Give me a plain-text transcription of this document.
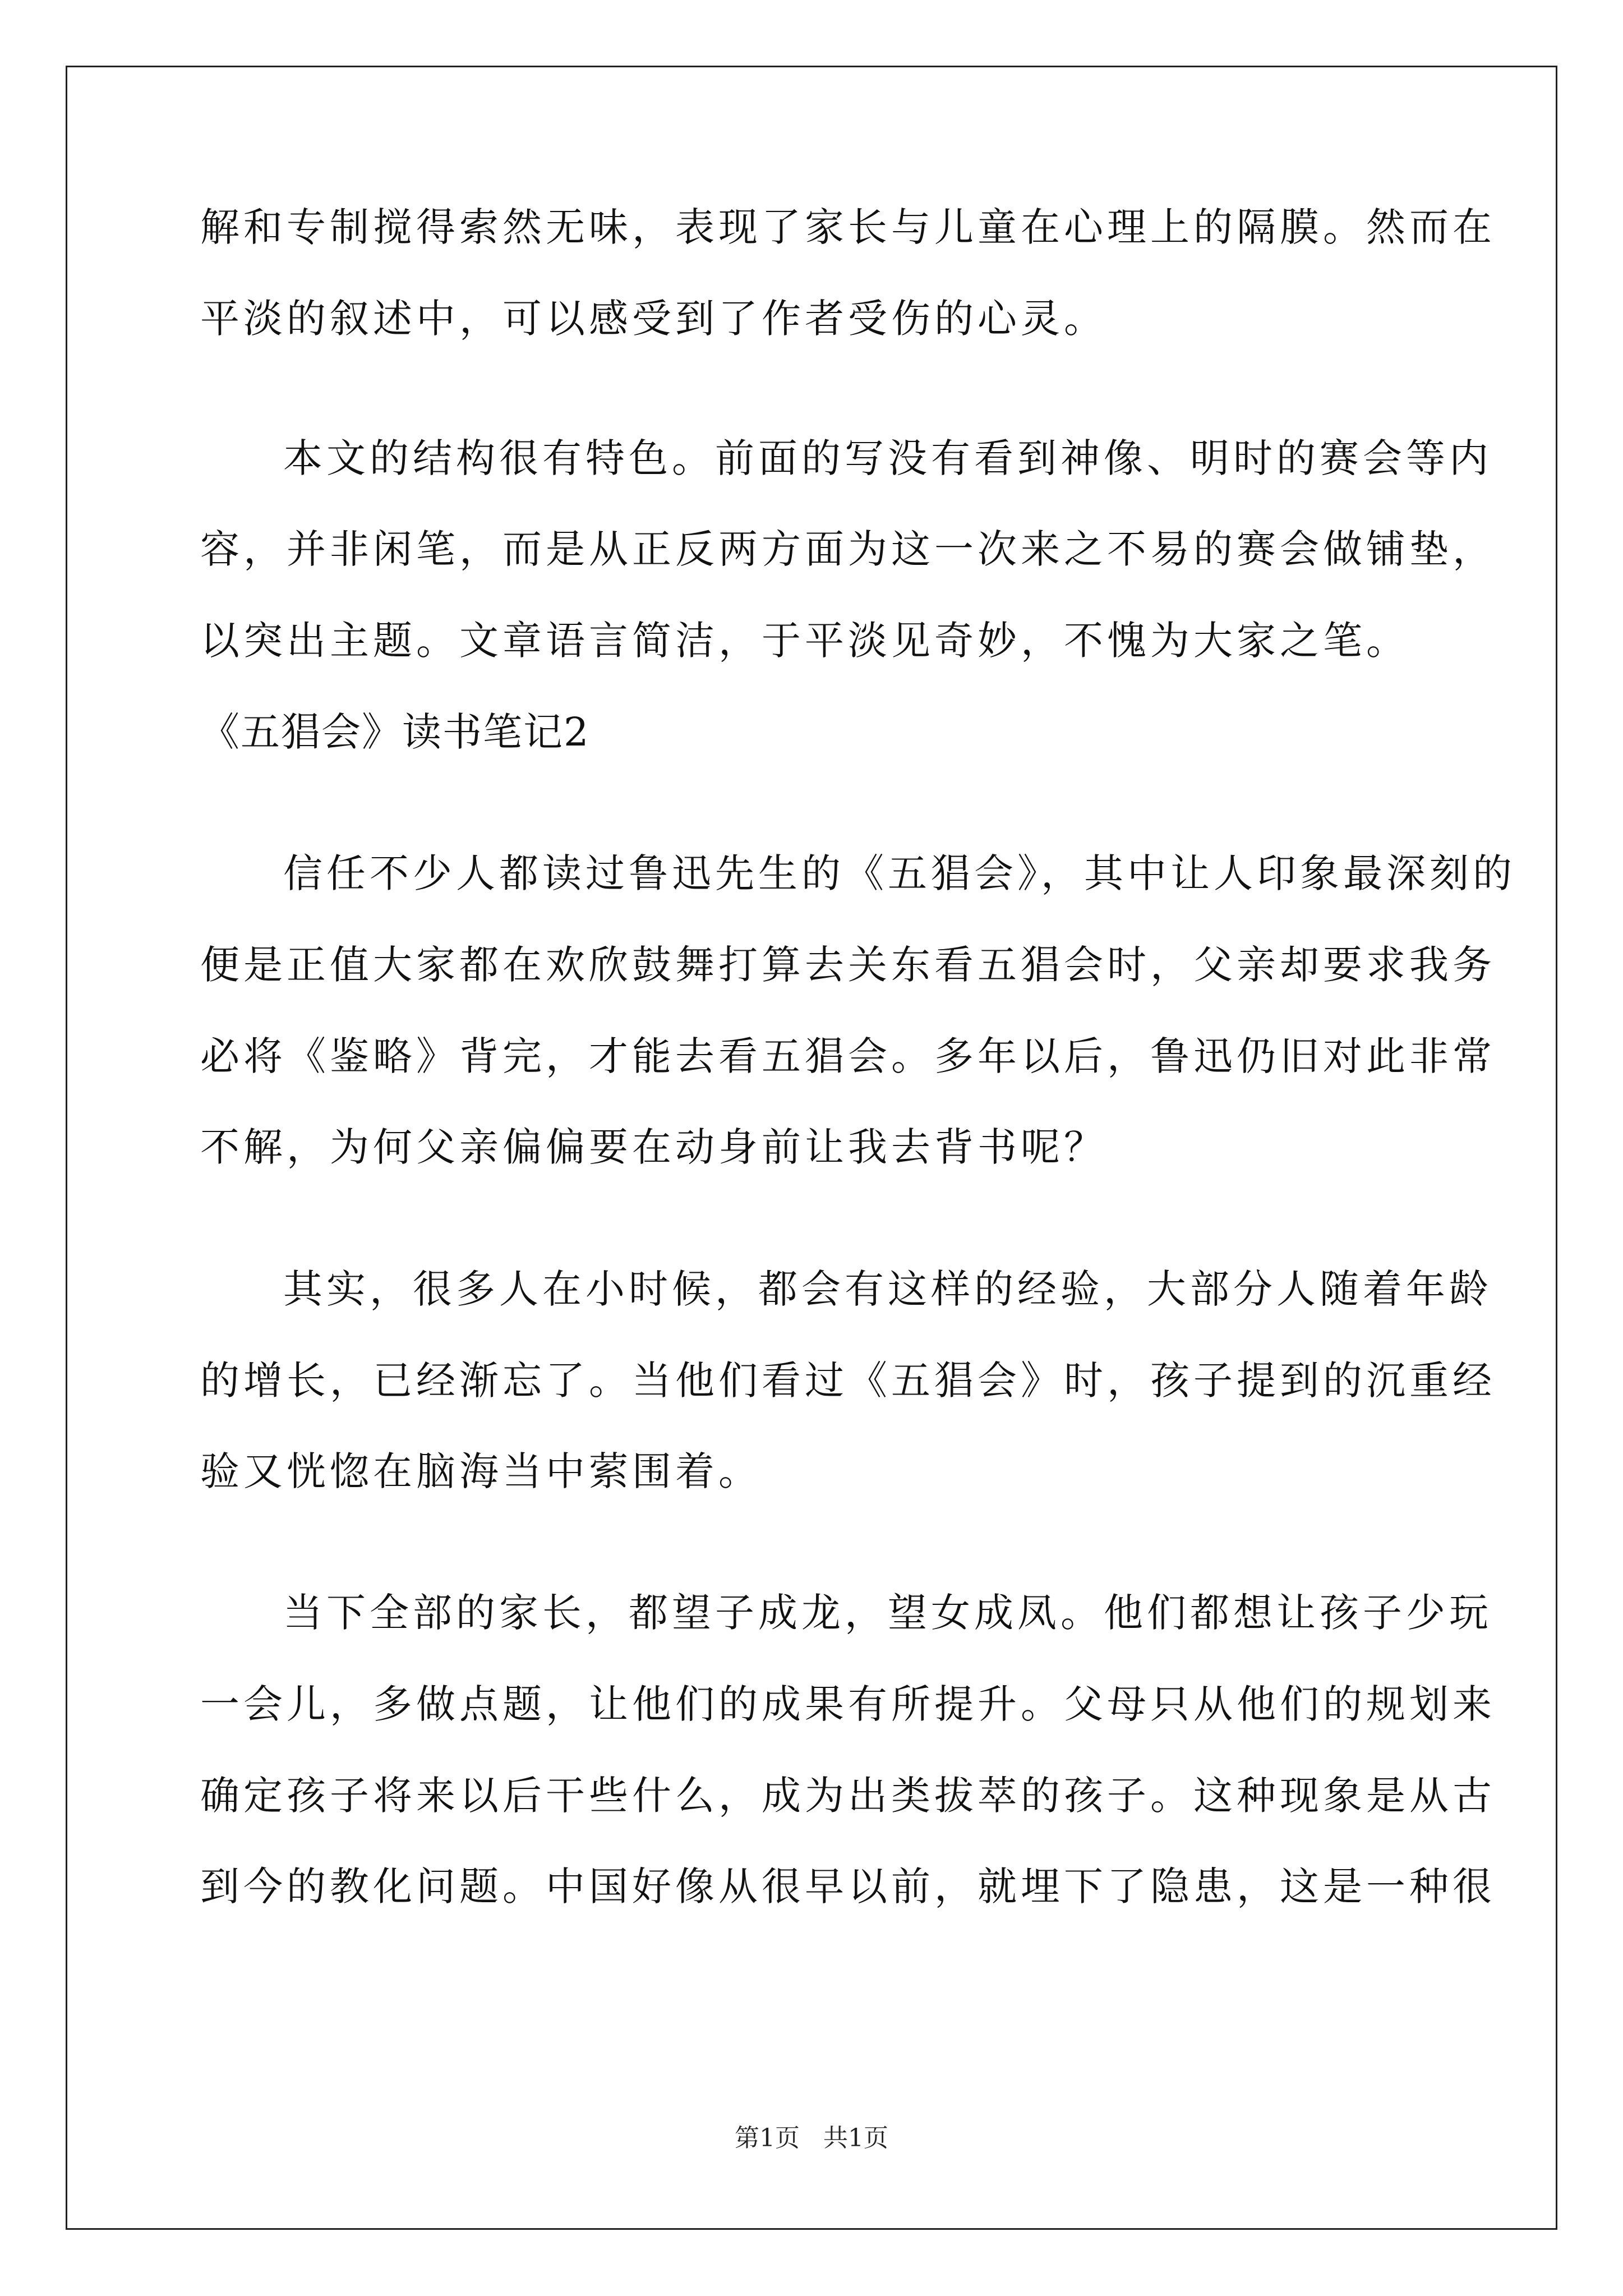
解和专制搅得索然无味，表现了家长与儿童在心理上的隔膜。然而在

平淡的叙述中，可以感受到了作者受伤的心灵。

本文的结构很有特色。前面的写没有看到神像、明时的赛会等内

容，并非闲笔，而是从正反两方面为这一次来之不易的赛会做铺垫，

以突出主题。文章语言简洁，于平淡见奇妙，不愧为大家之笔。

《五猖会》读书笔记2

信任不少人都读过鲁迅先生的《五猖会》，其中让人印象最深刻的

便是正值大家都在欢欣鼓舞打算去关东看五猖会时，父亲却要求我务

必将《鉴略》背完，才能去看五猖会。多年以后，鲁迅仍旧对此非常

不解，为何父亲偏偏要在动身前让我去背书呢？

其实，很多人在小时候，都会有这样的经验，大部分人随着年龄

的增长，已经渐忘了。当他们看过《五猖会》时，孩子提到的沉重经

验又恍惚在脑海当中萦围着。

当下全部的家长，都望子成龙，望女成凤。他们都想让孩子少玩

一会儿，多做点题，让他们的成果有所提升。父母只从他们的规划来

确定孩子将来以后干些什么，成为出类拔萃的孩子。这种现象是从古

到今的教化问题。中国好像从很早以前，就埋下了隐患，这是一种很

第1页   共1页
